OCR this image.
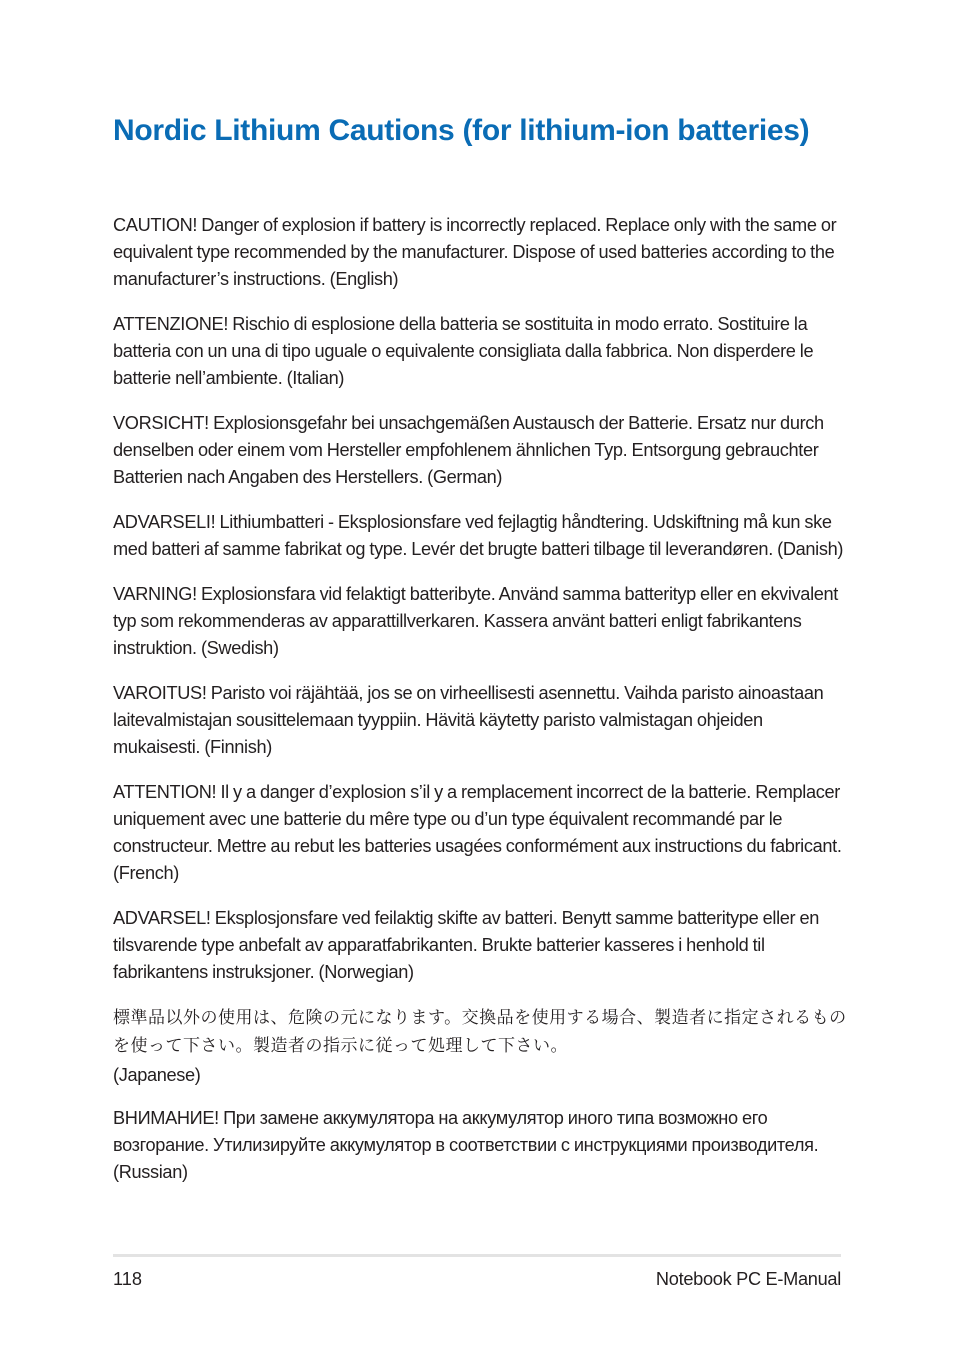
Nordic Lithium Cautions (for lithium-ion batteries)

CAUTION! Danger of explosion if battery is incorrectly replaced. Replace only with the same or equivalent type recommended by the manufacturer. Dispose of used batteries according to the manufacturer’s instructions. (English)

ATTENZIONE! Rischio di esplosione della batteria se sostituita in modo errato. Sostituire la batteria con un una di tipo uguale o equivalente consigliata dalla fabbrica. Non disperdere le batterie nell’ambiente. (Italian)

VORSICHT! Explosionsgefahr bei unsachgemäßen Austausch der Batterie. Ersatz nur durch denselben oder einem vom Hersteller empfohlenem ähnlichen Typ. Entsorgung gebrauchter Batterien nach Angaben des Herstellers. (German)

ADVARSELI! Lithiumbatteri - Eksplosionsfare ved fejlagtig håndtering. Udskiftning må kun ske med batteri af samme fabrikat og type. Levér det brugte batteri tilbage til leverandøren. (Danish)

VARNING! Explosionsfara vid felaktigt batteribyte. Använd samma batterityp eller en ekvivalent typ som rekommenderas av apparattillverkaren. Kassera använt batteri enligt fabrikantens instruktion. (Swedish)

VAROITUS! Paristo voi räjähtää, jos se on virheellisesti asennettu. Vaihda paristo ainoastaan laitevalmistajan sousittelemaan tyyppiin. Hävitä käytetty paristo valmistagan ohjeiden mukaisesti. (Finnish)

ATTENTION! Il y a danger d’explosion s’il y a remplacement incorrect de la batterie. Remplacer uniquement avec une batterie du mêre type ou d’un type équivalent recommandé par le constructeur. Mettre au rebut les batteries usagées conformément aux instructions du fabricant. (French)

ADVARSEL! Eksplosjonsfare ved feilaktig skifte av batteri. Benytt samme batteritype eller en tilsvarende type anbefalt av apparatfabrikanten. Brukte batterier kasseres i henhold til fabrikantens instruksjoner. (Norwegian)

標準品以外の使用は、危険の元になります。交換品を使用する場合、製造者に指定されるものを使って下さい。製造者の指示に従って処理して下さい。
(Japanese)

ВНИМАНИЕ! При замене аккумулятора на аккумулятор иного типа возможно его возгорание. Утилизируйте аккумулятор в соответствии с инструкциями производителя. (Russian)

118	Notebook PC E-Manual
